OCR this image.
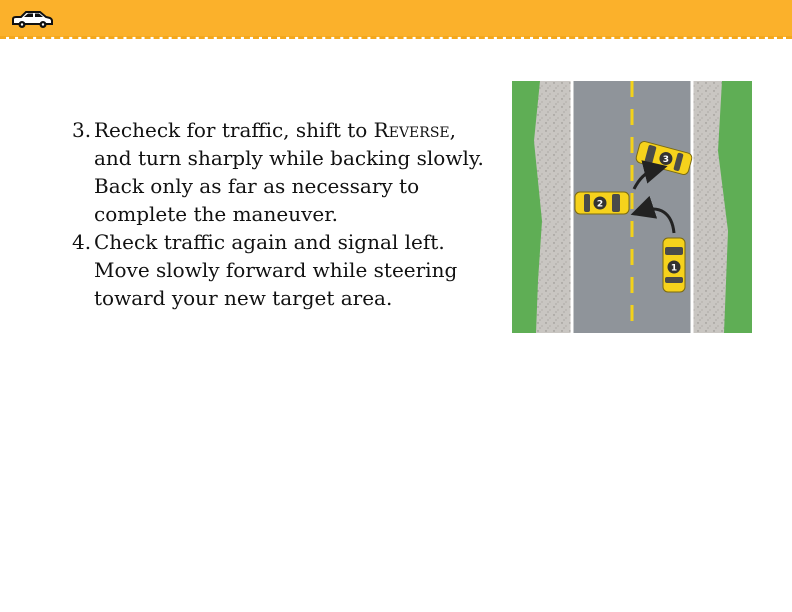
3. Recheck for traffic, shift to Reverse,
and turn sharply while backing slowly.
Back only as far as necessary to
complete the maneuver.
4. Check traffic again and signal left.
Move slowly forward while steering
toward your new target area.
1
2
3
